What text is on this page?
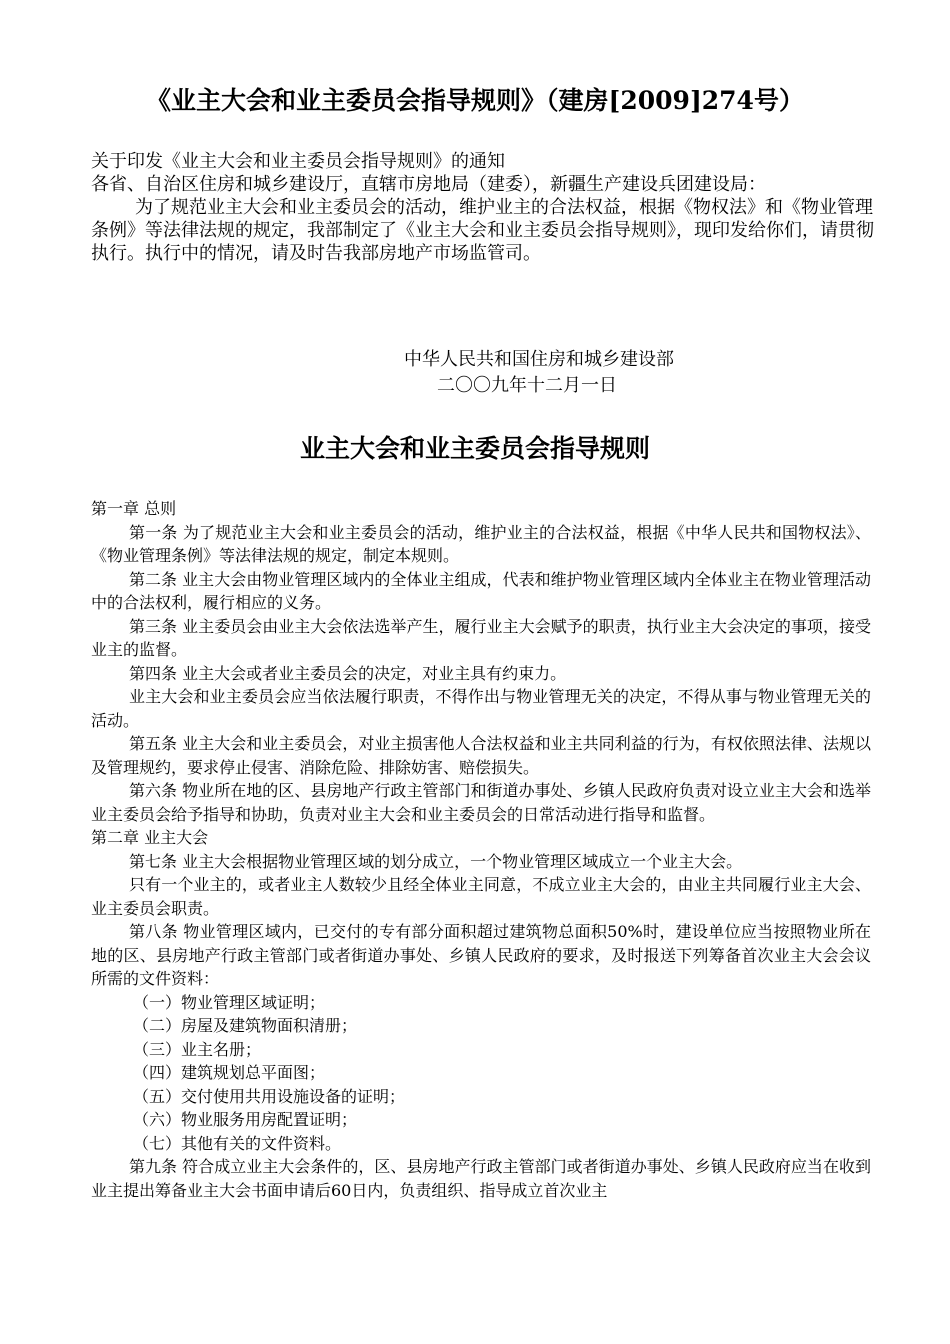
《业主大会和业主委员会指导规则》（建房[2009]274号）

关于印发《业主大会和业主委员会指导规则》的通知

各省、自治区住房和城乡建设厅，直辖市房地局（建委），新疆生产建设兵团建设局：

为了规范业主大会和业主委员会的活动，维护业主的合法权益，根据《物权法》和《物业管理条例》等法律法规的规定，我部制定了《业主大会和业主委员会指导规则》，现印发给你们，请贯彻执行。执行中的情况，请及时告我部房地产市场监管司。

中华人民共和国住房和城乡建设部
二〇〇九年十二月一日
业主大会和业主委员会指导规则

第一章 总则

第一条 为了规范业主大会和业主委员会的活动，维护业主的合法权益，根据《中华人民共和国物权法》、《物业管理条例》等法律法规的规定，制定本规则。

第二条 业主大会由物业管理区域内的全体业主组成，代表和维护物业管理区域内全体业主在物业管理活动中的合法权利，履行相应的义务。

第三条 业主委员会由业主大会依法选举产生，履行业主大会赋予的职责，执行业主大会决定的事项，接受业主的监督。

第四条 业主大会或者业主委员会的决定，对业主具有约束力。

业主大会和业主委员会应当依法履行职责，不得作出与物业管理无关的决定，不得从事与物业管理无关的活动。

第五条 业主大会和业主委员会，对业主损害他人合法权益和业主共同利益的行为，有权依照法律、法规以及管理规约，要求停止侵害、消除危险、排除妨害、赔偿损失。

第六条 物业所在地的区、县房地产行政主管部门和街道办事处、乡镇人民政府负责对设立业主大会和选举业主委员会给予指导和协助，负责对业主大会和业主委员会的日常活动进行指导和监督。

第二章 业主大会

第七条 业主大会根据物业管理区域的划分成立，一个物业管理区域成立一个业主大会。

只有一个业主的，或者业主人数较少且经全体业主同意，不成立业主大会的，由业主共同履行业主大会、业主委员会职责。

第八条 物业管理区域内，已交付的专有部分面积超过建筑物总面积50%时，建设单位应当按照物业所在地的区、县房地产行政主管部门或者街道办事处、乡镇人民政府的要求，及时报送下列筹备首次业主大会会议所需的文件资料：

（一）物业管理区域证明；

（二）房屋及建筑物面积清册；

（三）业主名册；

（四）建筑规划总平面图；

（五）交付使用共用设施设备的证明；

（六）物业服务用房配置证明；

（七）其他有关的文件资料。

第九条 符合成立业主大会条件的，区、县房地产行政主管部门或者街道办事处、乡镇人民政府应当在收到业主提出筹备业主大会书面申请后60日内，负责组织、指导成立首次业主
